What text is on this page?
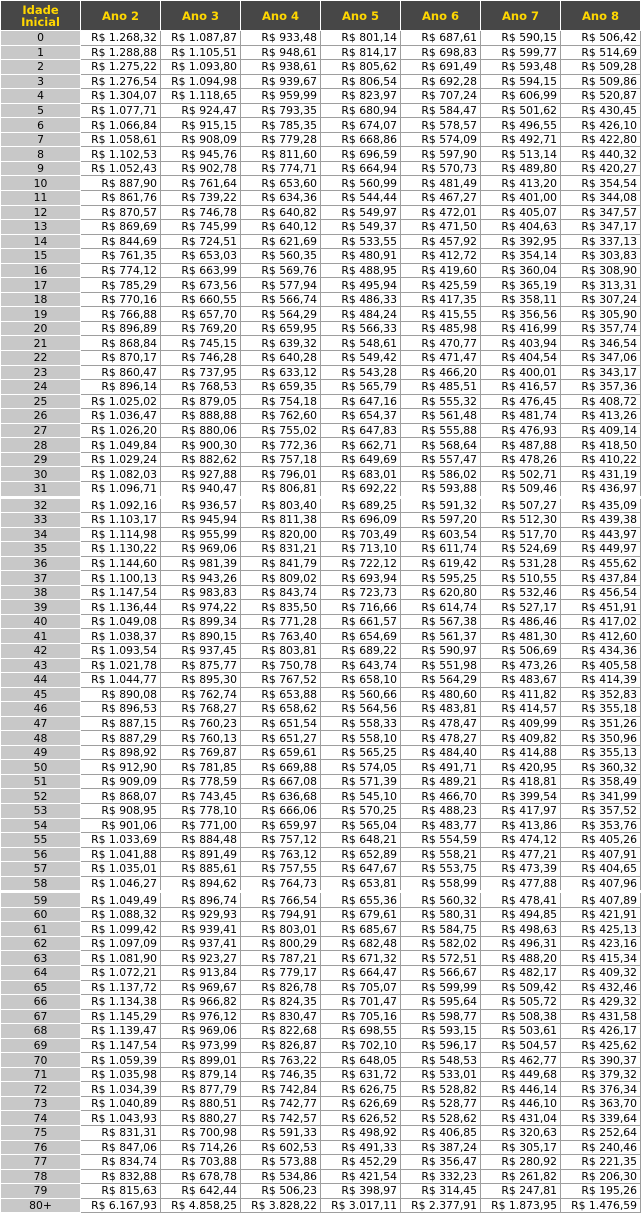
Idade Inicial	Ano 2	Ano 3	Ano 4	Ano 5	Ano 6	Ano 7	Ano 8
0	R$ 1.268,32	R$ 1.087,87	R$ 933,48	R$ 801,14	R$ 687,61	R$ 590,15	R$ 506,42
1	R$ 1.288,88	R$ 1.105,51	R$ 948,61	R$ 814,17	R$ 698,83	R$ 599,77	R$ 514,69
2	R$ 1.275,22	R$ 1.093,80	R$ 938,61	R$ 805,62	R$ 691,49	R$ 593,48	R$ 509,28
3	R$ 1.276,54	R$ 1.094,98	R$ 939,67	R$ 806,54	R$ 692,28	R$ 594,15	R$ 509,86
4	R$ 1.304,07	R$ 1.118,65	R$ 959,99	R$ 823,97	R$ 707,24	R$ 606,99	R$ 520,87
5	R$ 1.077,71	R$ 924,47	R$ 793,35	R$ 680,94	R$ 584,47	R$ 501,62	R$ 430,45
6	R$ 1.066,84	R$ 915,15	R$ 785,35	R$ 674,07	R$ 578,57	R$ 496,55	R$ 426,10
7	R$ 1.058,61	R$ 908,09	R$ 779,28	R$ 668,86	R$ 574,09	R$ 492,71	R$ 422,80
8	R$ 1.102,53	R$ 945,76	R$ 811,60	R$ 696,59	R$ 597,90	R$ 513,14	R$ 440,32
9	R$ 1.052,43	R$ 902,78	R$ 774,71	R$ 664,94	R$ 570,73	R$ 489,80	R$ 420,27
10	R$ 887,90	R$ 761,64	R$ 653,60	R$ 560,99	R$ 481,49	R$ 413,20	R$ 354,54
11	R$ 861,76	R$ 739,22	R$ 634,36	R$ 544,44	R$ 467,27	R$ 401,00	R$ 344,08
12	R$ 870,57	R$ 746,78	R$ 640,82	R$ 549,97	R$ 472,01	R$ 405,07	R$ 347,57
13	R$ 869,69	R$ 745,99	R$ 640,12	R$ 549,37	R$ 471,50	R$ 404,63	R$ 347,17
14	R$ 844,69	R$ 724,51	R$ 621,69	R$ 533,55	R$ 457,92	R$ 392,95	R$ 337,13
15	R$ 761,35	R$ 653,03	R$ 560,35	R$ 480,91	R$ 412,72	R$ 354,14	R$ 303,83
16	R$ 774,12	R$ 663,99	R$ 569,76	R$ 488,95	R$ 419,60	R$ 360,04	R$ 308,90
17	R$ 785,29	R$ 673,56	R$ 577,94	R$ 495,94	R$ 425,59	R$ 365,19	R$ 313,31
18	R$ 770,16	R$ 660,55	R$ 566,74	R$ 486,33	R$ 417,35	R$ 358,11	R$ 307,24
19	R$ 766,88	R$ 657,70	R$ 564,29	R$ 484,24	R$ 415,55	R$ 356,56	R$ 305,90
20	R$ 896,89	R$ 769,20	R$ 659,95	R$ 566,33	R$ 485,98	R$ 416,99	R$ 357,74
21	R$ 868,84	R$ 745,15	R$ 639,32	R$ 548,61	R$ 470,77	R$ 403,94	R$ 346,54
22	R$ 870,17	R$ 746,28	R$ 640,28	R$ 549,42	R$ 471,47	R$ 404,54	R$ 347,06
23	R$ 860,47	R$ 737,95	R$ 633,12	R$ 543,28	R$ 466,20	R$ 400,01	R$ 343,17
24	R$ 896,14	R$ 768,53	R$ 659,35	R$ 565,79	R$ 485,51	R$ 416,57	R$ 357,36
25	R$ 1.025,02	R$ 879,05	R$ 754,18	R$ 647,16	R$ 555,32	R$ 476,45	R$ 408,72
26	R$ 1.036,47	R$ 888,88	R$ 762,60	R$ 654,37	R$ 561,48	R$ 481,74	R$ 413,26
27	R$ 1.026,20	R$ 880,06	R$ 755,02	R$ 647,83	R$ 555,88	R$ 476,93	R$ 409,14
28	R$ 1.049,84	R$ 900,30	R$ 772,36	R$ 662,71	R$ 568,64	R$ 487,88	R$ 418,50
29	R$ 1.029,24	R$ 882,62	R$ 757,18	R$ 649,69	R$ 557,47	R$ 478,26	R$ 410,22
30	R$ 1.082,03	R$ 927,88	R$ 796,01	R$ 683,01	R$ 586,02	R$ 502,71	R$ 431,19
31	R$ 1.096,71	R$ 940,47	R$ 806,81	R$ 692,22	R$ 593,88	R$ 509,46	R$ 436,97
32	R$ 1.092,16	R$ 936,57	R$ 803,40	R$ 689,25	R$ 591,32	R$ 507,27	R$ 435,09
33	R$ 1.103,17	R$ 945,94	R$ 811,38	R$ 696,09	R$ 597,20	R$ 512,30	R$ 439,38
34	R$ 1.114,98	R$ 955,99	R$ 820,00	R$ 703,49	R$ 603,54	R$ 517,70	R$ 443,97
35	R$ 1.130,22	R$ 969,06	R$ 831,21	R$ 713,10	R$ 611,74	R$ 524,69	R$ 449,97
36	R$ 1.144,60	R$ 981,39	R$ 841,79	R$ 722,12	R$ 619,42	R$ 531,28	R$ 455,62
37	R$ 1.100,13	R$ 943,26	R$ 809,02	R$ 693,94	R$ 595,25	R$ 510,55	R$ 437,84
38	R$ 1.147,54	R$ 983,83	R$ 843,74	R$ 723,73	R$ 620,80	R$ 532,46	R$ 456,54
39	R$ 1.136,44	R$ 974,22	R$ 835,50	R$ 716,66	R$ 614,74	R$ 527,17	R$ 451,91
40	R$ 1.049,08	R$ 899,34	R$ 771,28	R$ 661,57	R$ 567,38	R$ 486,46	R$ 417,02
41	R$ 1.038,37	R$ 890,15	R$ 763,40	R$ 654,69	R$ 561,37	R$ 481,30	R$ 412,60
42	R$ 1.093,54	R$ 937,45	R$ 803,81	R$ 689,22	R$ 590,97	R$ 506,69	R$ 434,36
43	R$ 1.021,78	R$ 875,77	R$ 750,78	R$ 643,74	R$ 551,98	R$ 473,26	R$ 405,58
44	R$ 1.044,77	R$ 895,30	R$ 767,52	R$ 658,10	R$ 564,29	R$ 483,67	R$ 414,39
45	R$ 890,08	R$ 762,74	R$ 653,88	R$ 560,66	R$ 480,60	R$ 411,82	R$ 352,83
46	R$ 896,53	R$ 768,27	R$ 658,62	R$ 564,56	R$ 483,81	R$ 414,57	R$ 355,18
47	R$ 887,15	R$ 760,23	R$ 651,54	R$ 558,33	R$ 478,47	R$ 409,99	R$ 351,26
48	R$ 887,29	R$ 760,13	R$ 651,27	R$ 558,10	R$ 478,27	R$ 409,82	R$ 350,96
49	R$ 898,92	R$ 769,87	R$ 659,61	R$ 565,25	R$ 484,40	R$ 414,88	R$ 355,13
50	R$ 912,90	R$ 781,85	R$ 669,88	R$ 574,05	R$ 491,71	R$ 420,95	R$ 360,32
51	R$ 909,09	R$ 778,59	R$ 667,08	R$ 571,39	R$ 489,21	R$ 418,81	R$ 358,49
52	R$ 868,07	R$ 743,45	R$ 636,68	R$ 545,10	R$ 466,70	R$ 399,54	R$ 341,99
53	R$ 908,95	R$ 778,10	R$ 666,06	R$ 570,25	R$ 488,23	R$ 417,97	R$ 357,52
54	R$ 901,06	R$ 771,00	R$ 659,97	R$ 565,04	R$ 483,77	R$ 413,86	R$ 353,76
55	R$ 1.033,69	R$ 884,48	R$ 757,12	R$ 648,21	R$ 554,59	R$ 474,12	R$ 405,26
56	R$ 1.041,88	R$ 891,49	R$ 763,12	R$ 652,89	R$ 558,21	R$ 477,21	R$ 407,91
57	R$ 1.035,01	R$ 885,61	R$ 757,55	R$ 647,67	R$ 553,75	R$ 473,39	R$ 404,65
58	R$ 1.046,27	R$ 894,62	R$ 764,73	R$ 653,81	R$ 558,99	R$ 477,88	R$ 407,96
59	R$ 1.049,49	R$ 896,74	R$ 766,54	R$ 655,36	R$ 560,32	R$ 478,41	R$ 407,89
60	R$ 1.088,32	R$ 929,93	R$ 794,91	R$ 679,61	R$ 580,31	R$ 494,85	R$ 421,91
61	R$ 1.099,42	R$ 939,41	R$ 803,01	R$ 685,67	R$ 584,75	R$ 498,63	R$ 425,13
62	R$ 1.097,09	R$ 937,41	R$ 800,29	R$ 682,48	R$ 582,02	R$ 496,31	R$ 423,16
63	R$ 1.081,90	R$ 923,27	R$ 787,21	R$ 671,32	R$ 572,51	R$ 488,20	R$ 415,34
64	R$ 1.072,21	R$ 913,84	R$ 779,17	R$ 664,47	R$ 566,67	R$ 482,17	R$ 409,32
65	R$ 1.137,72	R$ 969,67	R$ 826,78	R$ 705,07	R$ 599,99	R$ 509,42	R$ 432,46
66	R$ 1.134,38	R$ 966,82	R$ 824,35	R$ 701,47	R$ 595,64	R$ 505,72	R$ 429,32
67	R$ 1.145,29	R$ 976,12	R$ 830,47	R$ 705,16	R$ 598,77	R$ 508,38	R$ 431,58
68	R$ 1.139,47	R$ 969,06	R$ 822,68	R$ 698,55	R$ 593,15	R$ 503,61	R$ 426,17
69	R$ 1.147,54	R$ 973,99	R$ 826,87	R$ 702,10	R$ 596,17	R$ 504,57	R$ 425,62
70	R$ 1.059,39	R$ 899,01	R$ 763,22	R$ 648,05	R$ 548,53	R$ 462,77	R$ 390,37
71	R$ 1.035,98	R$ 879,14	R$ 746,35	R$ 631,72	R$ 533,01	R$ 449,68	R$ 379,32
72	R$ 1.034,39	R$ 877,79	R$ 742,84	R$ 626,75	R$ 528,82	R$ 446,14	R$ 376,34
73	R$ 1.040,89	R$ 880,51	R$ 742,77	R$ 626,69	R$ 528,77	R$ 446,10	R$ 363,70
74	R$ 1.043,93	R$ 880,27	R$ 742,57	R$ 626,52	R$ 528,62	R$ 431,04	R$ 339,64
75	R$ 831,31	R$ 700,98	R$ 591,33	R$ 498,92	R$ 406,85	R$ 320,63	R$ 252,64
76	R$ 847,06	R$ 714,26	R$ 602,53	R$ 491,33	R$ 387,24	R$ 305,17	R$ 240,46
77	R$ 834,74	R$ 703,88	R$ 573,88	R$ 452,29	R$ 356,47	R$ 280,92	R$ 221,35
78	R$ 832,88	R$ 678,78	R$ 534,86	R$ 421,54	R$ 332,23	R$ 261,82	R$ 206,30
79	R$ 815,63	R$ 642,44	R$ 506,23	R$ 398,97	R$ 314,45	R$ 247,81	R$ 195,26
80+	R$ 6.167,93	R$ 4.858,25	R$ 3.828,22	R$ 3.017,11	R$ 2.377,91	R$ 1.873,95	R$ 1.476,59
